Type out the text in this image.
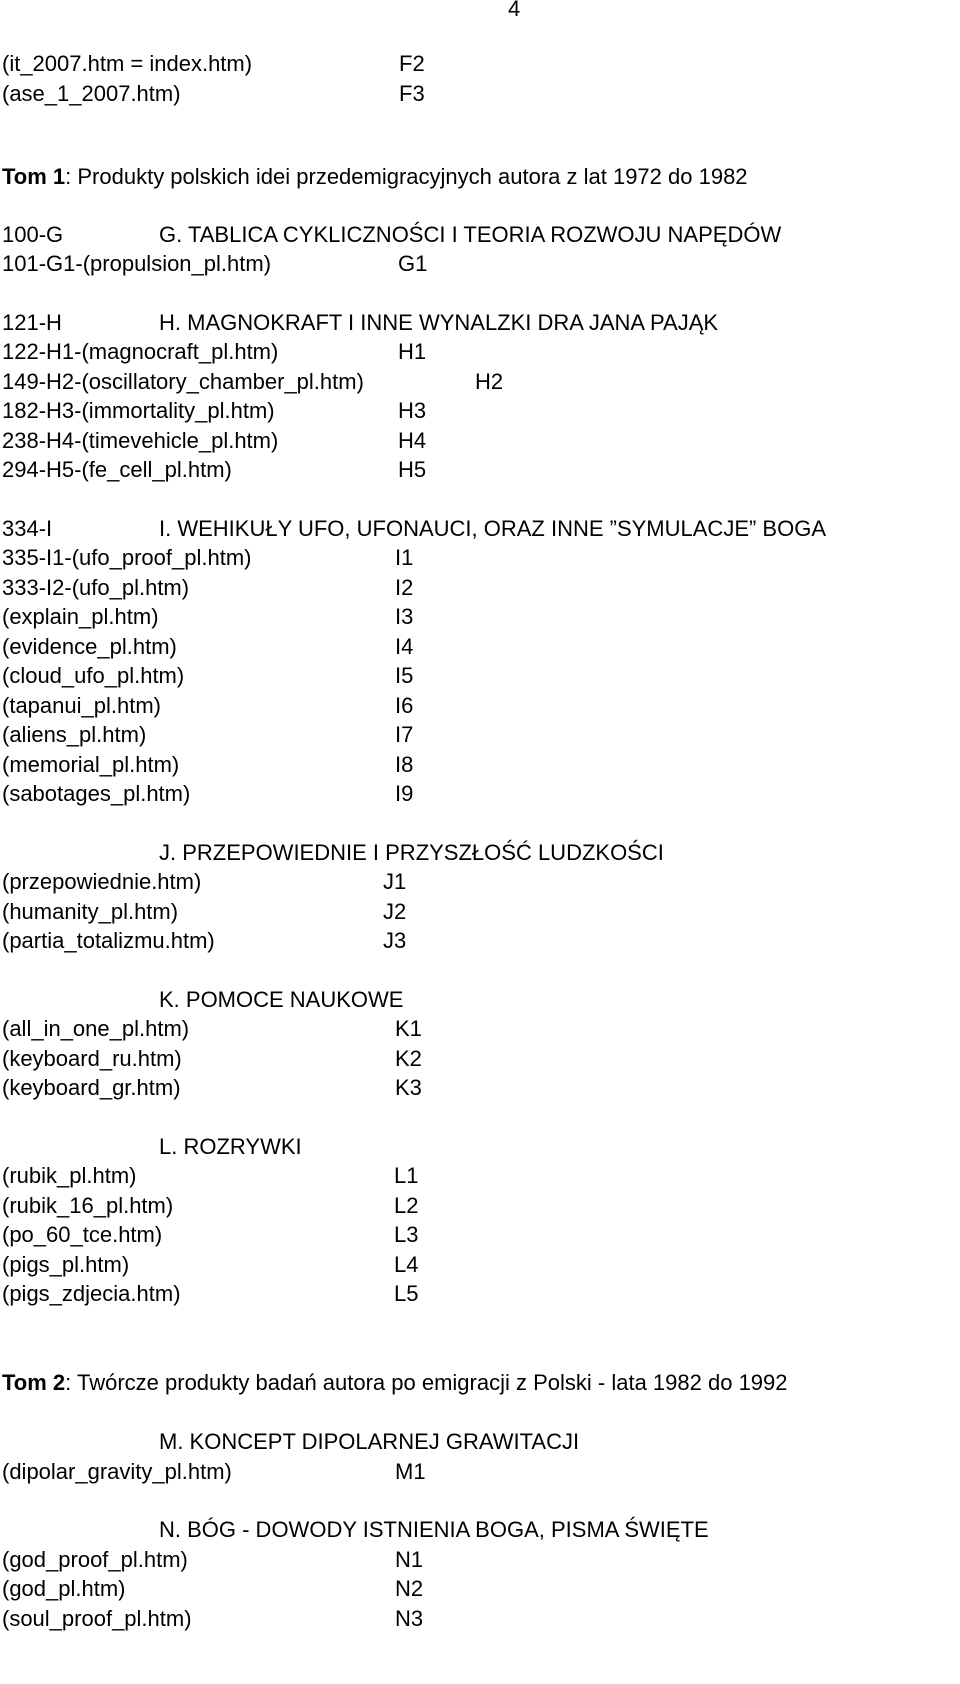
4
(it_2007.htm = index.htm)	F2
(ase_1_2007.htm)	F3
Tom 1: Produkty polskich idei przedemigracyjnych autora z lat 1972 do 1982
100-G	G. TABLICA CYKLICZNOŚCI I TEORIA ROZWOJU NAPĘDÓW
101-G1-(propulsion_pl.htm)	G1
121-H	H. MAGNOKRAFT I INNE WYNALZKI DRA JANA PAJĄK
122-H1-(magnocraft_pl.htm)	H1
149-H2-(oscillatory_chamber_pl.htm)	H2
182-H3-(immortality_pl.htm)	H3
238-H4-(timevehicle_pl.htm)	H4
294-H5-(fe_cell_pl.htm)	H5
334-I	I. WEHIKUŁY UFO, UFONAUCI, ORAZ INNE ”SYMULACJE” BOGA
335-I1-(ufo_proof_pl.htm)	I1
333-I2-(ufo_pl.htm)	I2
(explain_pl.htm)	I3
(evidence_pl.htm)	I4
(cloud_ufo_pl.htm)	I5
(tapanui_pl.htm)	I6
(aliens_pl.htm)	I7
(memorial_pl.htm)	I8
(sabotages_pl.htm)	I9
J. PRZEPOWIEDNIE I PRZYSZŁOŚĆ LUDZKOŚCI
(przepowiednie.htm)	J1
(humanity_pl.htm)	J2
(partia_totalizmu.htm)	J3
K. POMOCE NAUKOWE
(all_in_one_pl.htm)	K1
(keyboard_ru.htm)	K2
(keyboard_gr.htm)	K3
L. ROZRYWKI
(rubik_pl.htm)	L1
(rubik_16_pl.htm)	L2
(po_60_tce.htm)	L3
(pigs_pl.htm)	L4
(pigs_zdjecia.htm)	L5
Tom 2: Twórcze produkty badań autora po emigracji z Polski - lata 1982 do 1992
M. KONCEPT DIPOLARNEJ GRAWITACJI
(dipolar_gravity_pl.htm)	M1
N. BÓG - DOWODY ISTNIENIA BOGA, PISMA ŚWIĘTE
(god_proof_pl.htm)	N1
(god_pl.htm)	N2
(soul_proof_pl.htm)	N3
